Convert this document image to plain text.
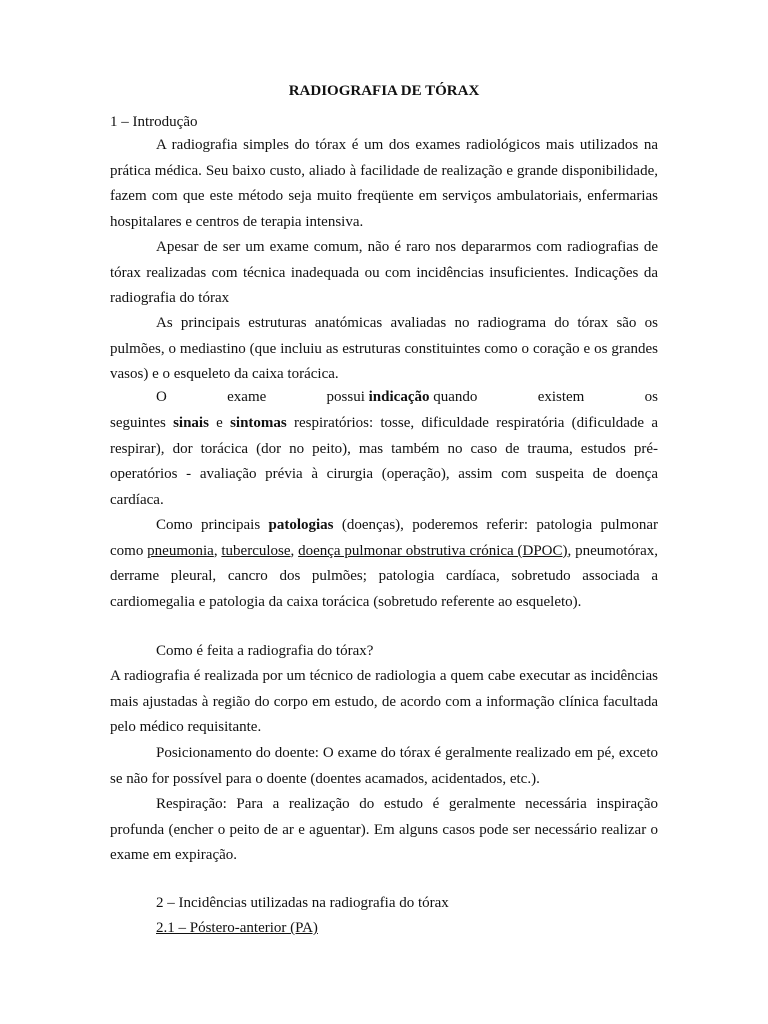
RADIOGRAFIA DE TÓRAX
1 – Introdução

A radiografia simples do tórax é um dos exames radiológicos mais utilizados na prática médica. Seu baixo custo, aliado à facilidade de realização e grande disponibilidade, fazem com que este método seja muito freqüente em serviços ambulatoriais, enfermarias hospitalares e centros de terapia intensiva.

Apesar de ser um exame comum, não é raro nos depararmos com radiografias de tórax realizadas com técnica inadequada ou com incidências insuficientes. Indicações da radiografia do tórax

As principais estruturas anatómicas avaliadas no radiograma do tórax são os pulmões, o mediastino (que incluiu as estruturas constituintes como o coração e os grandes vasos) e o esqueleto da caixa torácica.

O	exame	possui indicação quando	existem	os

seguintes sinais e sintomas respiratórios: tosse, dificuldade respiratória (dificuldade a respirar), dor torácica (dor no peito), mas também no caso de trauma, estudos pré-operatórios - avaliação prévia à cirurgia (operação), assim com suspeita de doença cardíaca.

Como principais patologias (doenças), poderemos referir: patologia pulmonar como pneumonia, tuberculose, doença pulmonar obstrutiva crónica (DPOC), pneumotórax, derrame pleural, cancro dos pulmões; patologia cardíaca, sobretudo associada a cardiomegalia e patologia da caixa torácica (sobretudo referente ao esqueleto).

Como é feita a radiografia do tórax?

A radiografia é realizada por um técnico de radiologia a quem cabe executar as incidências mais ajustadas à região do corpo em estudo, de acordo com a informação clínica facultada pelo médico requisitante.

Posicionamento do doente: O exame do tórax é geralmente realizado em pé, exceto se não for possível para o doente (doentes acamados, acidentados, etc.).

Respiração: Para a realização do estudo é geralmente necessária inspiração profunda (encher o peito de ar e aguentar). Em alguns casos pode ser necessário realizar o exame em expiração.

2 – Incidências utilizadas na radiografia do tórax
2.1 – Póstero-anterior (PA)
